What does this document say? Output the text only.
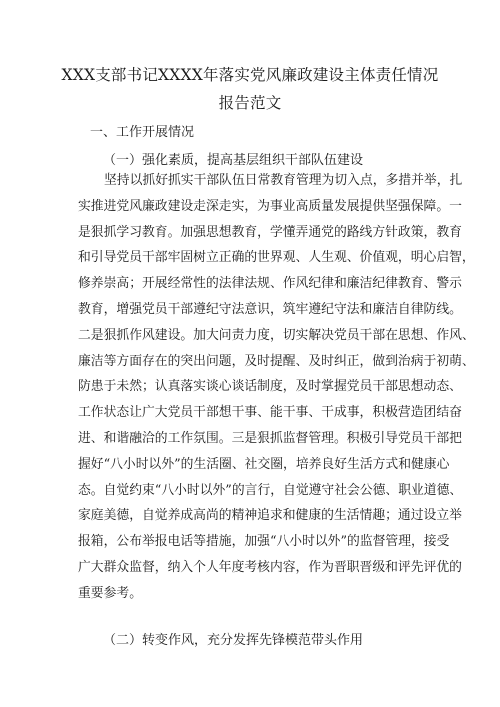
XXX支部书记XXXX年落实党风廉政建设主体责任情况
报告范文
一、工作开展情况
（一）强化素质，提高基层组织干部队伍建设
坚持以抓好抓实干部队伍日常教育管理为切入点，多措并举，扎
实推进党风廉政建设走深走实，为事业高质量发展提供坚强保障。一
是狠抓学习教育。加强思想教育，学懂弄通党的路线方针政策，教育
和引导党员干部牢固树立正确的世界观、人生观、价值观，明心启智，
修养崇高；开展经常性的法律法规、作风纪律和廉洁纪律教育、警示
教育，增强党员干部遵纪守法意识，筑牢遵纪守法和廉洁自律防线。
二是狠抓作风建设。加大问责力度，切实解决党员干部在思想、作风、
廉洁等方面存在的突出问题，及时提醒、及时纠正，做到治病于初萌、
防患于未然；认真落实谈心谈话制度，及时掌握党员干部思想动态、
工作状态让广大党员干部想干事、能干事、干成事，积极营造团结奋
进、和谐融洽的工作氛围。三是狠抓监督管理。积极引导党员干部把
握好“八小时以外”的生活圈、社交圈，培养良好生活方式和健康心
态。自觉约束“八小时以外”的言行，自觉遵守社会公德、职业道德、
家庭美德，自觉养成高尚的精神追求和健康的生活情趣；通过设立举
报箱，公布举报电话等措施，加强“八小时以外”的监督管理，接受
广大群众监督，纳入个人年度考核内容，作为晋职晋级和评先评优的
重要参考。
（二）转变作风，充分发挥先锋模范带头作用
